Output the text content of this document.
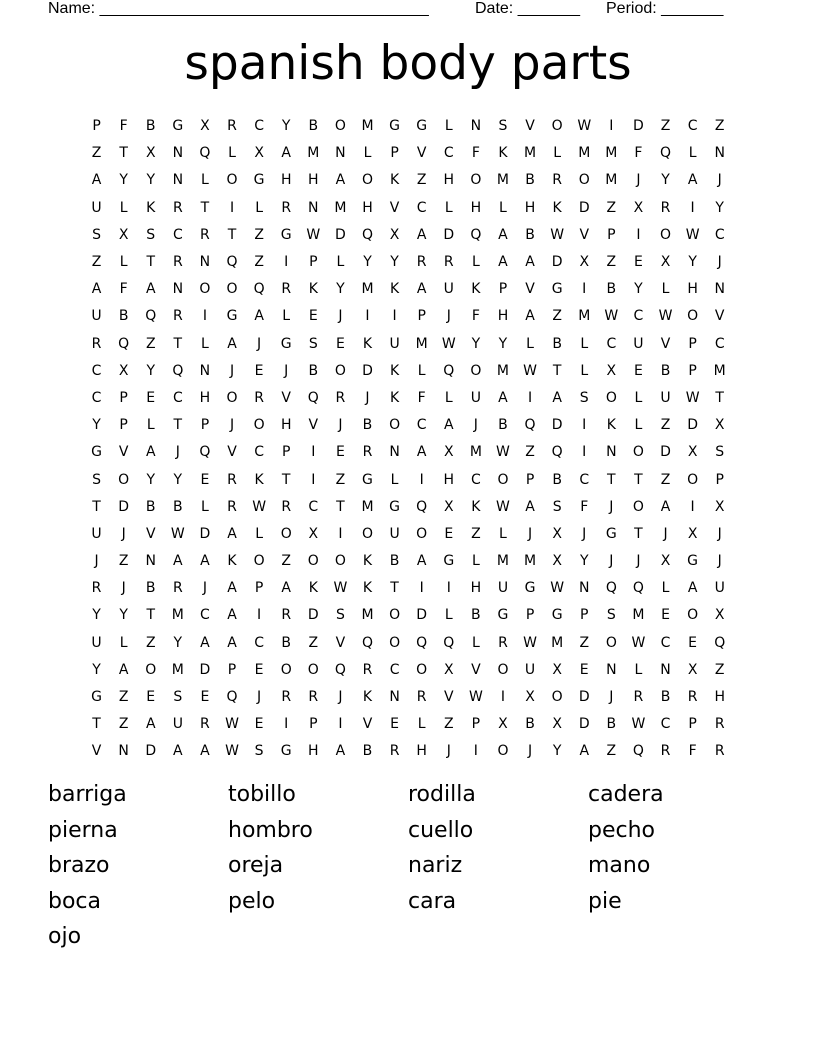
Name: _____________________________________	Date: _______	Period: _______
spanish body parts
P	F	B	G	X	R	C	Y	B	O	M	G	G	L	N	S	V	O	W	I	D	Z	C	Z
Z	T	X	N	Q	L	X	A	M	N	L	P	V	C	F	K	M	L	M	M	F	Q	L	N
A	Y	Y	N	L	O	G	H	H	A	O	K	Z	H	O	M	B	R	O	M	J	Y	A	J
U	L	K	R	T	I	L	R	N	M	H	V	C	L	H	L	H	K	D	Z	X	R	I	Y
S	X	S	C	R	T	Z	G	W	D	Q	X	A	D	Q	A	B	W	V	P	I	O	W	C
Z	L	T	R	N	Q	Z	I	P	L	Y	Y	R	R	L	A	A	D	X	Z	E	X	Y	J
A	F	A	N	O	O	Q	R	K	Y	M	K	A	U	K	P	V	G	I	B	Y	L	H	N
U	B	Q	R	I	G	A	L	E	J	I	I	P	J	F	H	A	Z	M	W	C	W	O	V
R	Q	Z	T	L	A	J	G	S	E	K	U	M	W	Y	Y	L	B	L	C	U	V	P	C
C	X	Y	Q	N	J	E	J	B	O	D	K	L	Q	O	M	W	T	L	X	E	B	P	M
C	P	E	C	H	O	R	V	Q	R	J	K	F	L	U	A	I	A	S	O	L	U	W	T
Y	P	L	T	P	J	O	H	V	J	B	O	C	A	J	B	Q	D	I	K	L	Z	D	X
G	V	A	J	Q	V	C	P	I	E	R	N	A	X	M	W	Z	Q	I	N	O	D	X	S
S	O	Y	Y	E	R	K	T	I	Z	G	L	I	H	C	O	P	B	C	T	T	Z	O	P
T	D	B	B	L	R	W	R	C	T	M	G	Q	X	K	W	A	S	F	J	O	A	I	X
U	J	V	W	D	A	L	O	X	I	O	U	O	E	Z	L	J	X	J	G	T	J	X	J
J	Z	N	A	A	K	O	Z	O	O	K	B	A	G	L	M	M	X	Y	J	J	X	G	J
R	J	B	R	J	A	P	A	K	W	K	T	I	I	H	U	G	W	N	Q	Q	L	A	U
Y	Y	T	M	C	A	I	R	D	S	M	O	D	L	B	G	P	G	P	S	M	E	O	X
U	L	Z	Y	A	A	C	B	Z	V	Q	O	Q	Q	L	R	W	M	Z	O	W	C	E	Q
Y	A	O	M	D	P	E	O	O	Q	R	C	O	X	V	O	U	X	E	N	L	N	X	Z
G	Z	E	S	E	Q	J	R	R	J	K	N	R	V	W	I	X	O	D	J	R	B	R	H
T	Z	A	U	R	W	E	I	P	I	V	E	L	Z	P	X	B	X	D	B	W	C	P	R
V	N	D	A	A	W	S	G	H	A	B	R	H	J	I	O	J	Y	A	Z	Q	R	F	R
barriga	tobillo	rodilla	cadera
pierna	hombro	cuello	pecho
brazo	oreja	nariz	mano
boca	pelo	cara	pie
ojo
